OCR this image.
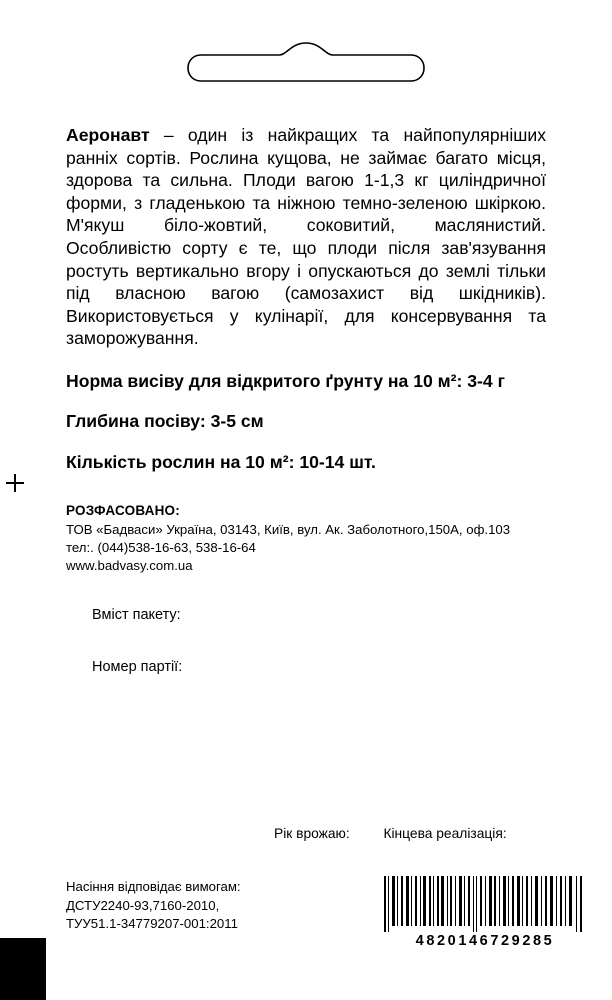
Аеронавт – один із найкращих та найпопулярніших ранніх сортів. Рослина кущова, не займає багато місця, здорова та сильна. Плоди вагою 1-1,3 кг циліндричної форми, з гладенькою та ніжною темно-зеленою шкіркою. М'якуш біло-жовтий, соковитий, маслянистий. Особливістю сорту є те, що плоди після зав'язування ростуть вертикально вгору і опускаються до землі тільки під власною вагою (самозахист від шкідників). Використовується у кулінарії, для консервування та заморожування.

Норма висіву для відкритого ґрунту на 10 м²: 3-4 г

Глибина посіву: 3-5 см

Кількість рослин на 10 м²: 10-14 шт.

РОЗФАСОВАНО:
ТОВ «Бадваси» Україна, 03143, Київ, вул. Ак. Заболотного,150А, оф.103
тел:. (044)538-16-63, 538-16-64
www.badvasy.com.ua
Вміст пакету:
Номер партії:
Рік врожаю: Кінцева реалізація:
Насіння відповідає вимогам:
ДСТУ2240-93,7160-2010,
ТУУ51.1-34779207-001:2011
4820146729285
